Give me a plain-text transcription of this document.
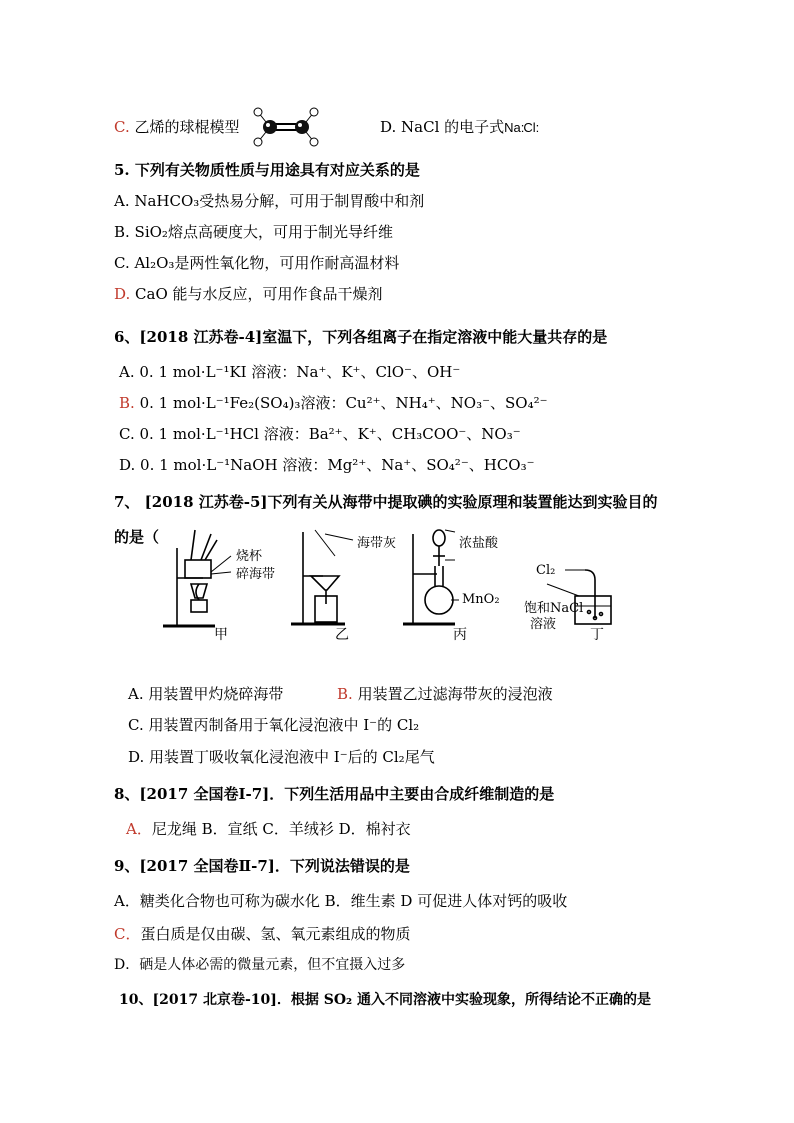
C. 乙烯的球棍模型	D. NaCl 的电子式Na:Cl:
5. 下列有关物质性质与用途具有对应关系的是
A. NaHCO₃受热易分解，可用于制胃酸中和剂
B. SiO₂熔点高硬度大，可用于制光导纤维
C. Al₂O₃是两性氧化物，可用作耐高温材料
D. CaO 能与水反应，可用作食品干燥剂
6、[2018 江苏卷-4]室温下，下列各组离子在指定溶液中能大量共存的是
A. 0. 1 mol·L⁻¹KI 溶液：Na⁺、K⁺、ClO⁻、OH⁻
B. 0. 1 mol·L⁻¹Fe₂(SO₄)₃溶液：Cu²⁺、NH₄⁺、NO₃⁻、SO₄²⁻
C. 0. 1 mol·L⁻¹HCl 溶液：Ba²⁺、K⁺、CH₃COO⁻、NO₃⁻
D. 0. 1 mol·L⁻¹NaOH 溶液：Mg²⁺、Na⁺、SO₄²⁻、HCO₃⁻
7、 [2018 江苏卷-5]下列有关从海带中提取碘的实验原理和装置能达到实验目的
的是（
烧杯
碎海带
海带灰	浓盐酸
MnO₂
Cl₂
饱和NaCl
溶液
甲	乙	丙	丁
A. 用装置甲灼烧碎海带	B. 用装置乙过滤海带灰的浸泡液
C. 用装置丙制备用于氧化浸泡液中 I⁻的 Cl₂
D. 用装置丁吸收氧化浸泡液中 I⁻后的 Cl₂尾气
8、[2017 全国卷Ⅰ-7]．下列生活用品中主要由合成纤维制造的是
A．尼龙绳 B．宣纸 C．羊绒衫 D．棉衬衣
9、[2017 全国卷Ⅱ-7]．下列说法错误的是
A．糖类化合物也可称为碳水化 B．维生素 D 可促进人体对钙的吸收
C．蛋白质是仅由碳、氢、氧元素组成的物质
D．硒是人体必需的微量元素，但不宜摄入过多
10、[2017 北京卷-10]．根据 SO₂ 通入不同溶液中实验现象，所得结论不正确的是
